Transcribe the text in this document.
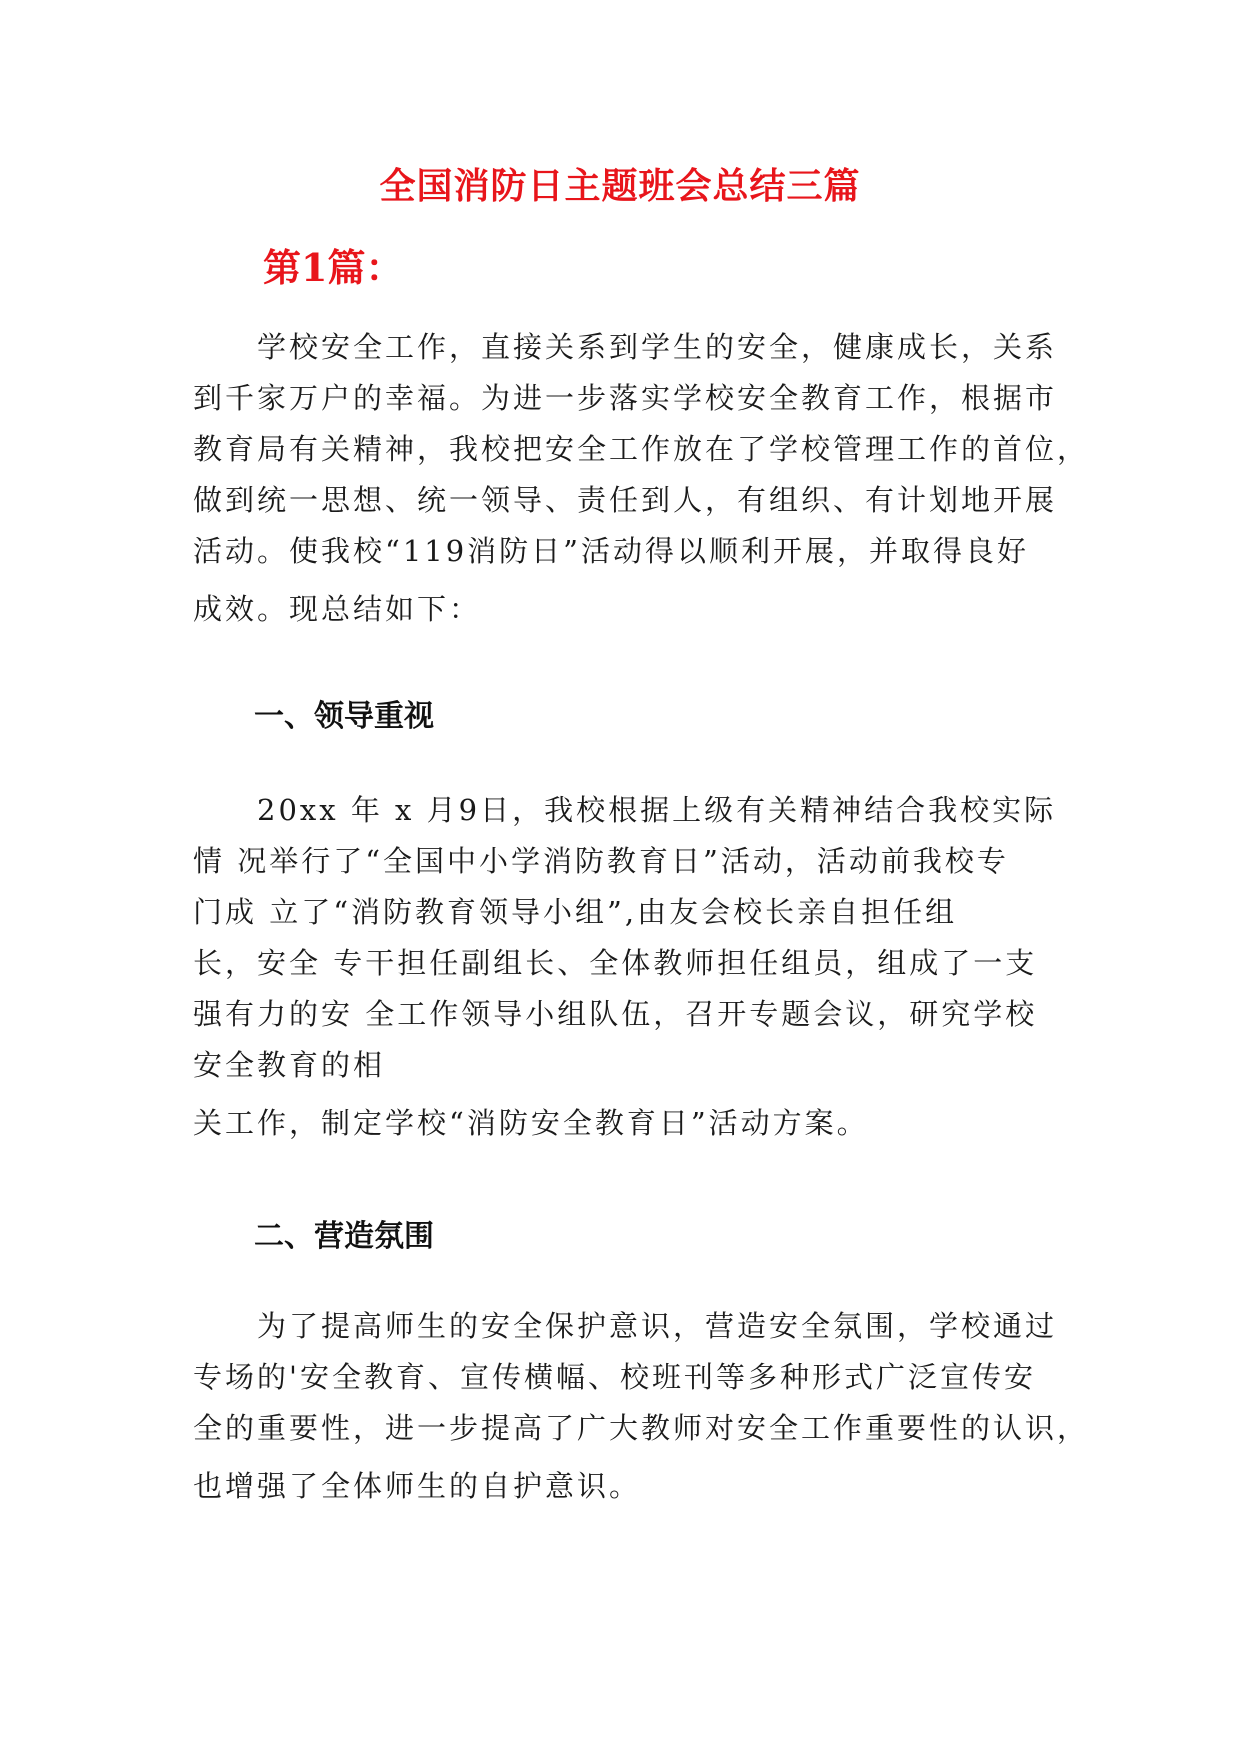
全国消防日主题班会总结三篇
第1篇：
　　学校安全工作，直接关系到学生的安全，健康成长，关系
到千家万户的幸福。为进一步落实学校安全教育工作，根据市
教育局有关精神，我校把安全工作放在了学校管理工作的首位，
做到统一思想、统一领导、责任到人，有组织、有计划地开展
活动。使我校“119消防日”活动得以顺利开展，并取得良好
成效。现总结如下：
一、领导重视
　　20xx 年 x 月9日，我校根据上级有关精神结合我校实际
情 况举行了“全国中小学消防教育日”活动，活动前我校专
门成 立了“消防教育领导小组”,由友会校长亲自担任组
长，安全 专干担任副组长、全体教师担任组员，组成了一支
强有力的安 全工作领导小组队伍，召开专题会议，研究学校
安全教育的相
关工作，制定学校“消防安全教育日”活动方案。
二、营造氛围
　　为了提高师生的安全保护意识，营造安全氛围，学校通过
专场的'安全教育、宣传横幅、校班刊等多种形式广泛宣传安
全的重要性，进一步提高了广大教师对安全工作重要性的认识，
也增强了全体师生的自护意识。
